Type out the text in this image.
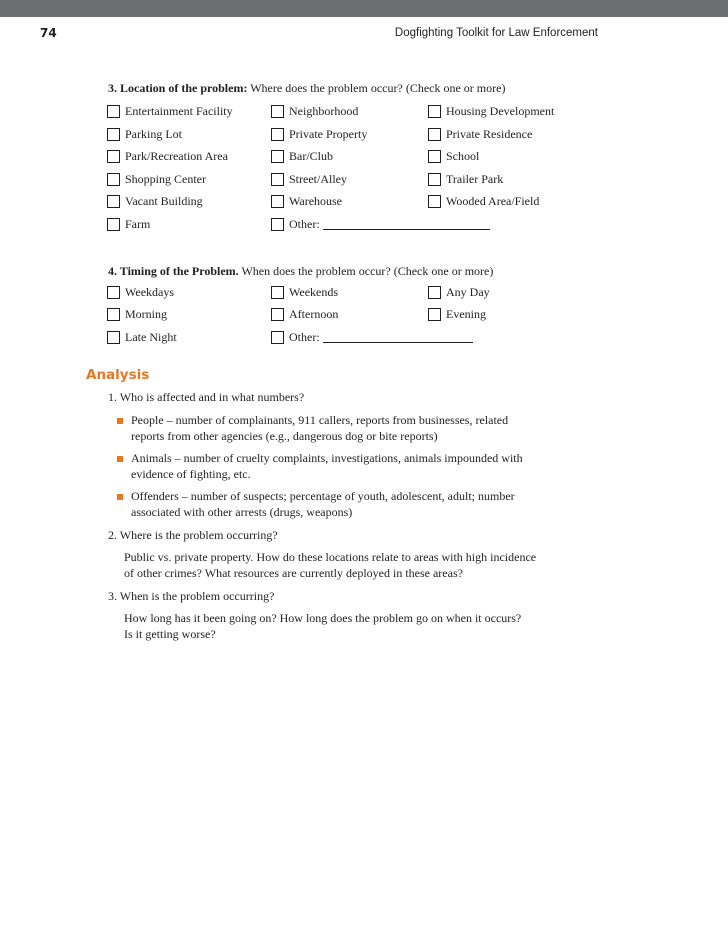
74	Dogfighting Toolkit for Law Enforcement
3. Location of the problem: Where does the problem occur? (Check one or more)
Entertainment Facility	Neighborhood	Housing Development
Parking Lot	Private Property	Private Residence
Park/Recreation Area	Bar/Club	School
Shopping Center	Street/Alley	Trailer Park
Vacant Building	Warehouse	Wooded Area/Field
Farm	Other:
4. Timing of the Problem. When does the problem occur? (Check one or more)
Weekdays	Weekends	Any Day
Morning	Afternoon	Evening
Late Night	Other:
Analysis
1. Who is affected and in what numbers?
People – number of complainants, 911 callers, reports from businesses, related
reports from other agencies (e.g., dangerous dog or bite reports)
Animals – number of cruelty complaints, investigations, animals impounded with
evidence of fighting, etc.
Offenders – number of suspects; percentage of youth, adolescent, adult; number
associated with other arrests (drugs, weapons)
2. Where is the problem occurring?
Public vs. private property. How do these locations relate to areas with high incidence
of other crimes? What resources are currently deployed in these areas?
3. When is the problem occurring?
How long has it been going on? How long does the problem go on when it occurs?
Is it getting worse?
